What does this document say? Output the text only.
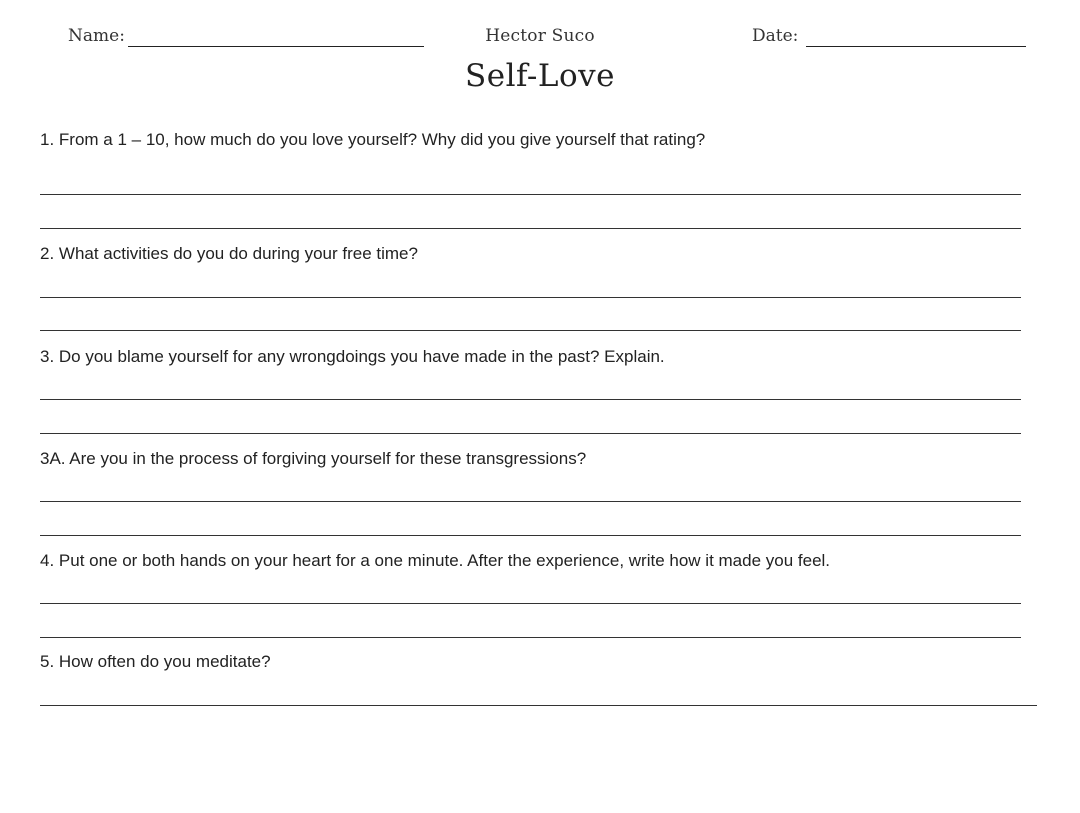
Name:	Date:
Hector Suco
Self-Love
1. From a 1 – 10, how much do you love yourself? Why did you give yourself that rating?
2. What activities do you do during your free time?
3. Do you blame yourself for any wrongdoings you have made in the past? Explain.
3A. Are you in the process of forgiving yourself for these transgressions?
4. Put one or both hands on your heart for a one minute. After the experience, write how it made you feel.
5. How often do you meditate?
